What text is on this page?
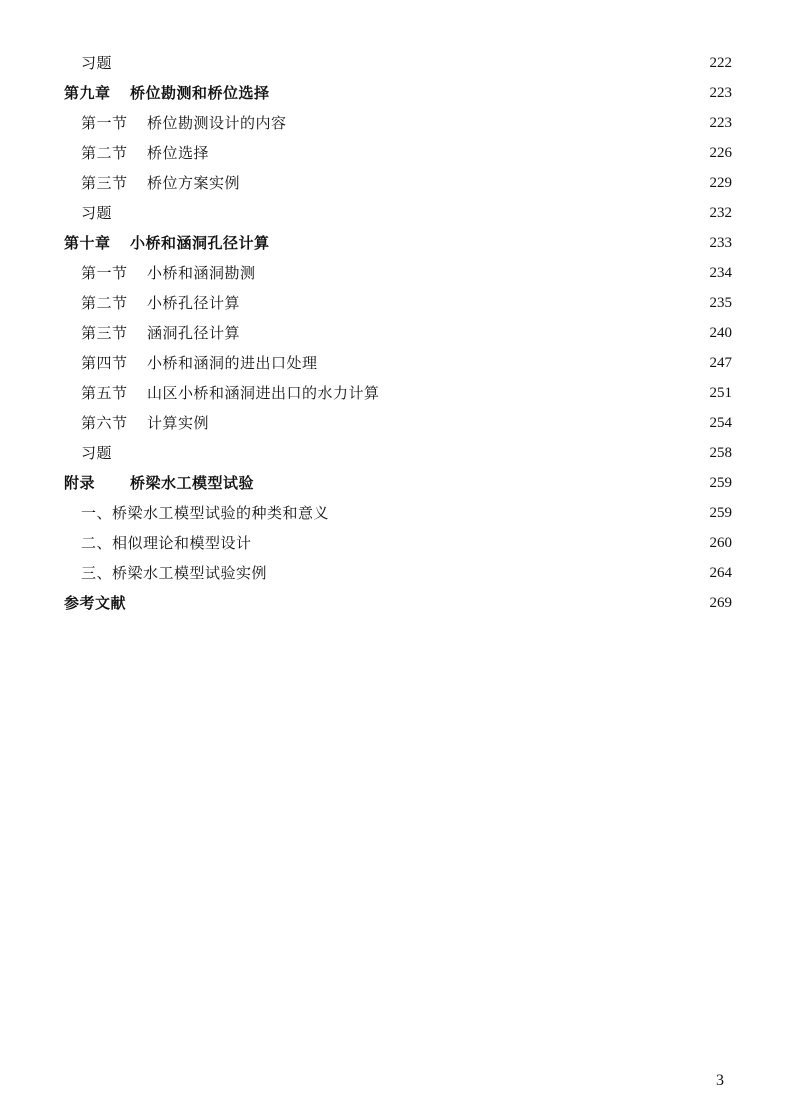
习题	222
第九章 桥位勘测和桥位选择	223
第一节 桥位勘测设计的内容	223
第二节 桥位选择	226
第三节 桥位方案实例	229
习题	232
第十章 小桥和涵洞孔径计算	233
第一节 小桥和涵洞勘测	234
第二节 小桥孔径计算	235
第三节 涵洞孔径计算	240
第四节 小桥和涵洞的进出口处理	247
第五节 山区小桥和涵洞进出口的水力计算	251
第六节 计算实例	254
习题	258
附录 桥梁水工模型试验	259
一、桥梁水工模型试验的种类和意义	259
二、相似理论和模型设计	260
三、桥梁水工模型试验实例	264
参考文献	269
3
